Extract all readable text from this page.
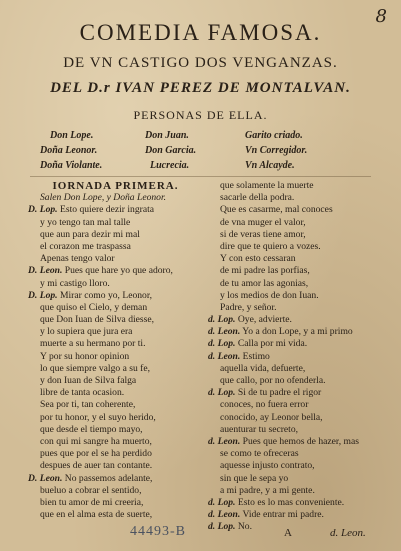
8
COMEDIA FAMOSA.
DE VN CASTIGO DOS VENGANZAS.
DEL D.r IVAN PEREZ DE MONTALVAN.
PERSONAS DE ELLA.
Don Lope.	Don Juan.	Garito criado.
Doña Leonor.	Don Garcia.	Vn Corregidor.
Doña Violante.	Lucrecia.	Vn Alcayde.
IORNADA PRIMERA.
Salen Don Lope, y Doña Leonor.
D. Lop. Esto quiere dezir ingrata
y yo tengo tan mal talle
que aun para dezir mi mal
el corazon me traspassa
Apenas tengo valor
D. Leon. Pues que hare yo que adoro,
y mi castigo lloro.
D. Lop. Mirar como yo, Leonor,
que quiso el Cielo, y deman
que Don Iuan de Silva diesse,
y lo supiera que jura era
muerte a su hermano por ti.
Y por su honor opinion
lo que siempre valgo a su fe,
y don Iuan de Silva falga
libre de tanta ocasion.
Sea por ti, tan coherente,
por tu honor, y el suyo herido,
que desde el tiempo mayo,
con qui mi sangre ha muerto,
pues que por el se ha perdido
despues de auer tan contante.
D. Leon. No passemos adelante,
bueluo a cobrar el sentido,
bien tu amor de mi creeria,
que en el alma esta de suerte,
que solamente la muerte
sacarle della podra.
Que es casarme, mal conoces
de vna muger el valor,
si de veras tiene amor,
dire que te quiero a vozes.
Y con esto cessaran
de mi padre las porfias,
de tu amor las agonias,
y los medios de don Iuan.
Padre, y señor.
d. Lop. Oye, advierte.
d. Leon. Yo a don Lope, y a mi primo
d. Lop. Calla por mi vida.
d. Leon. Estimo
aquella vida, defuerte,
que callo, por no ofenderla.
d. Lop. Si de tu padre el rigor
conoces, no fuera error
conocido, ay Leonor bella,
auenturar tu secreto,
d. Leon. Pues que hemos de hazer, mas
se como te ofreceras
aquesse injusto contrato,
sin que le sepa yo
a mi padre, y a mi gente.
d. Lop. Esto es lo mas conveniente.
d. Leon. Vide entrar mi padre.
d. Lop. No.
44493-B	A	d. Leon.
